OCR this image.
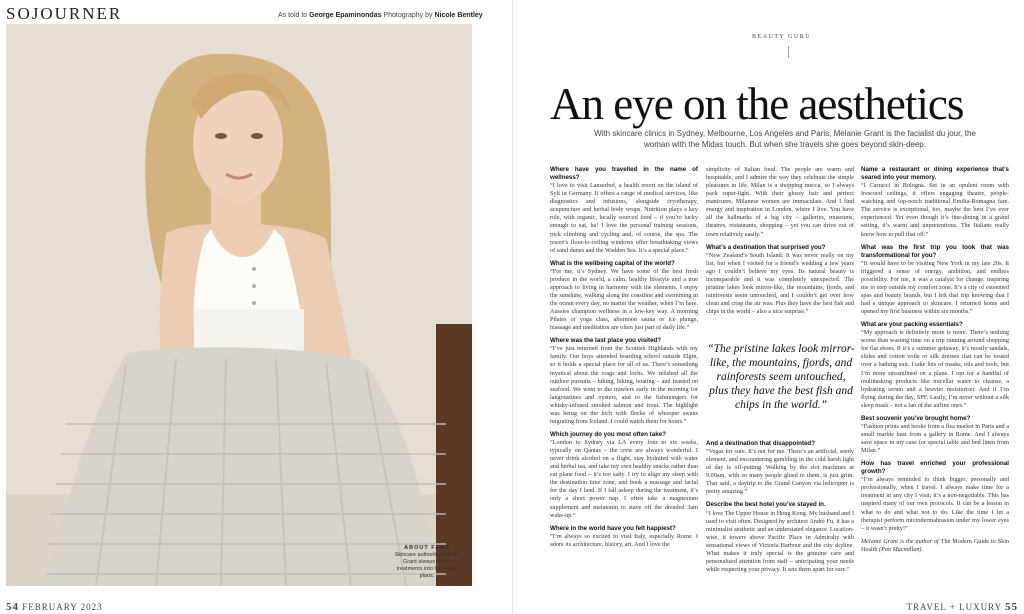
SOJOURNER	As told to George Epaminondas Photography by Nicole Bentley
ABOUT FACE
Skincare authority Melanie Grant always works treatments into her travel plans.
54 FEBRUARY 2023
BEAUTY GURU
An eye on the aesthetics
With skincare clinics in Sydney, Melbourne, Los Angeles and Paris, Melanie Grant is the facialist du jour, the woman with the Midas touch. But when she travels she goes beyond skin-deep.

Where have you travelled in the name of wellness?
“I love to visit Lanserhof, a health resort on the island of Sylt in Germany. It offers a range of medical services, like diagnostics and infusions, alongside cryotherapy, acupuncture and herbal body wraps. Nutrition plays a key role, with organic, locally sourced food – if you’re lucky enough to eat, ha! I love the personal training sessions, rock climbing and cycling and, of course, the spa. The resort’s floor-to-ceiling windows offer breathtaking views of sand dunes and the Wadden Sea. It’s a special place.”

What is the wellbeing capital of the world?
“For me, it’s Sydney. We have some of the best fresh produce in the world, a calm, healthy lifestyle and a true approach to living in harmony with the elements. I enjoy the sunshine, walking along the coastline and swimming in the ocean every day, no matter the weather, when I’m here. Aussies champion wellness in a low-key way. A morning Pilates or yoga class, afternoon sauna or ice plunge, massage and meditation are often just part of daily life.”

Where was the last place you visited?
“I’ve just returned from the Scottish Highlands with my family. Our boys attended boarding school outside Elgin, so it holds a special place for all of us. There’s something mystical about the crags and lochs. We relished all the outdoor pursuits – hiking, biking, boating – and feasted on seafood. We went to the trawlers early in the morning for langoustines and oysters, and to the fishmongers for whisky-infused smoked salmon and trout. The highlight was being on the loch with flocks of whooper swans migrating from Iceland. I could watch them for hours.”

Which journey do you most often take?
“London to Sydney via LA every four to six weeks, typically on Qantas – the crew are always wonderful. I never drink alcohol on a flight, stay hydrated with water and herbal tea, and take my own healthy snacks rather than eat plane food – it’s too salty. I try to align my sleep with the destination time zone, and book a massage and facial for the day I land. If I fall asleep during the treatment, it’s only a short power nap. I often take a magnesium supplement and melatonin to stave off the dreaded 3am wake-up.”

Where in the world have you felt happiest?
“I’m always so excited to visit Italy, especially Rome. I adore its architecture, history, art. And I love the

simplicity of Italian food. The people are warm and hospitable, and I admire the way they celebrate the simple pleasures in life. Milan is a shopping mecca, so I always pack super-light. With their glossy hair and perfect manicures, Milanese women are immaculate. And I find energy and inspiration in London, where I live. You have all the hallmarks of a big city – galleries, museums, theatres, restaurants, shopping – yet you can drive out of town relatively easily.”

What’s a destination that surprised you?
“New Zealand’s South Island. It was never really on my list, but when I visited for a friend’s wedding a few years ago I couldn’t believe my eyes. Its natural beauty is incomparable and it was completely unexpected. The pristine lakes look mirror-like, the mountains, fjords, and rainforests seem untouched, and I couldn’t get over how clean and crisp the air was. Plus they have the best fish and chips in the world – also a nice surprise.”

“The pristine lakes look mirror-like, the mountains, fjords, and rainforests seem untouched, plus they have the best fish and chips in the world.”

And a destination that disappointed?
“Vegas for sure. It’s not for me. There’s an artificial, seedy element, and encountering gambling in the cold harsh light of day is off-putting. Walking by the slot machines at 9.00am, with so many people glued to them, is just grim. That said, a daytrip to the Grand Canyon via helicopter is pretty amazing.”

Describe the best hotel you’ve stayed in.
“I love The Upper House in Hong Kong. My husband and I used to visit often. Designed by architect André Fu, it has a minimalist aesthetic and an understated elegance. Location-wise, it towers above Pacific Place in Admiralty with sensational views of Victoria Harbour and the city skyline. What makes it truly special is the genuine care and personalised attention from staff – anticipating your needs while respecting your privacy. It sets them apart for sure.”

Name a restaurant or dining experience that’s seared into your memory.
“I Carracci in Bologna. Set in an opulent room with frescoed ceilings, it offers engaging theatre, people-watching and top-notch traditional Emilia-Romagna fare. The service is exceptional, too, maybe the best I’ve ever experienced. Yet even though it’s fine-dining in a grand setting, it’s warm and unpretentious. The Italians really know how to pull that off.”

What was the first trip you took that was transformational for you?
“It would have to be visiting New York in my late 20s. It triggered a sense of energy, ambition, and endless possibility. For me, it was a catalyst for change, inspiring me to step outside my comfort zone. It’s a city of esteemed spas and beauty brands, but I left that trip knowing that I had a unique approach to skincare. I returned home and opened my first business within six months.”

What are your packing essentials?
“My approach is definitely more is more. There’s nothing worse than wasting time on a trip running around shopping for flat shoes. If it’s a summer getaway, it’s mostly sandals, slides and cotton voile or silk dresses that can be tossed over a bathing suit. I take lots of masks, oils and tools, but I’m more streamlined on a plane. I opt for a handful of multitasking products like micellar water to cleanse, a hydrating serum and a heavier moisturiser. And if I’m flying during the day, SPF. Lastly, I’m never without a silk sleep mask – not a fan of the airline ones.”

Best souvenir you’ve brought home?
“Fashion prints and books from a flea market in Paris and a small marble bust from a gallery in Rome. And I always save space in my case for special table and bed linen from Milan.”

How has travel enriched your professional growth?
“I’m always reminded to think bigger, personally and professionally, when I travel. I always make time for a treatment in any city I visit; it’s a non-negotiable. This has inspired many of our own protocols. It can be a lesson in what to do and what not to do. Like the time I let a therapist perform microdermabrasion under my lower eyes – it wasn’t pretty!”

Melanie Grant is the author of The Modern Guide to Skin Health (Pan Macmillan).

TRAVEL + LUXURY 55
